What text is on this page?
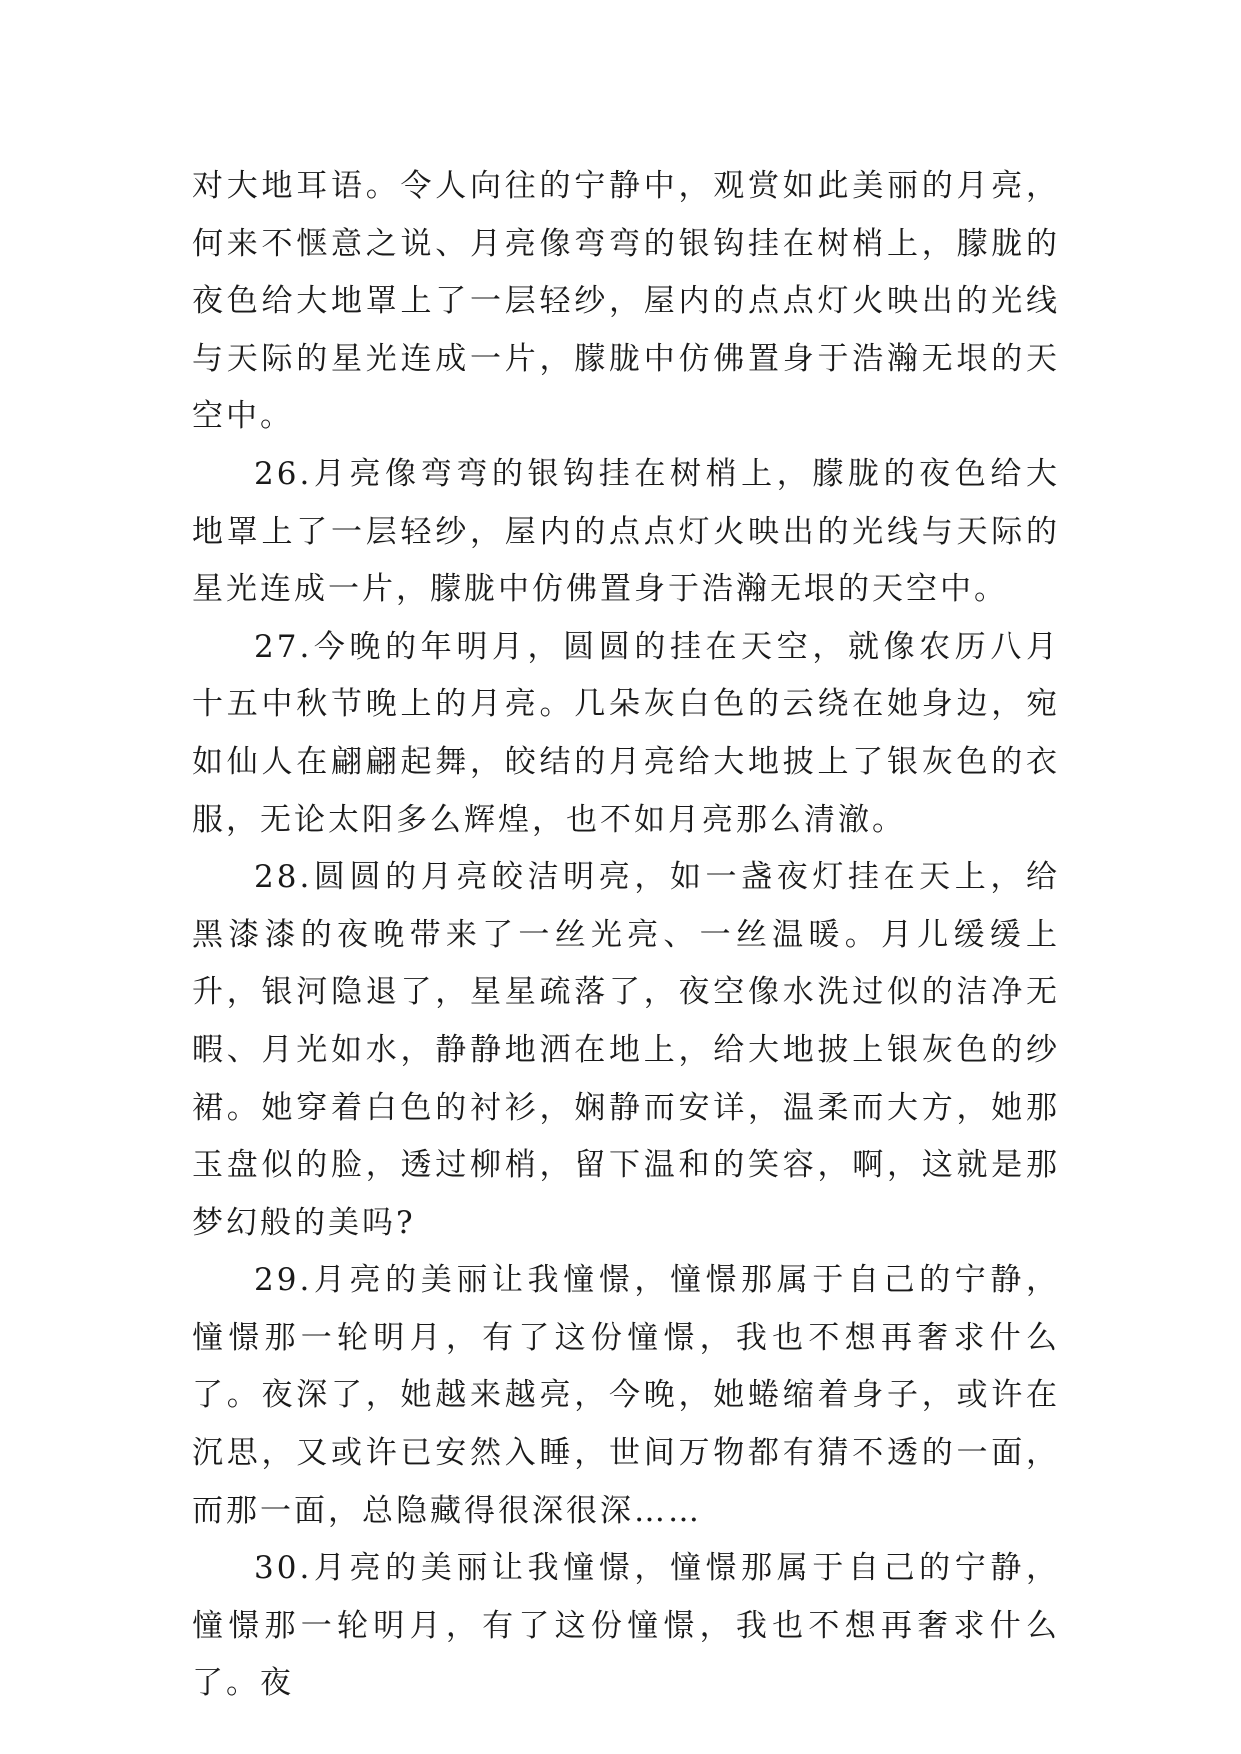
对大地耳语。令人向往的宁静中，观赏如此美丽的月亮，何来不惬意之说、月亮像弯弯的银钩挂在树梢上，朦胧的夜色给大地罩上了一层轻纱，屋内的点点灯火映出的光线与天际的星光连成一片，朦胧中仿佛置身于浩瀚无垠的天空中。

26.月亮像弯弯的银钩挂在树梢上，朦胧的夜色给大地罩上了一层轻纱，屋内的点点灯火映出的光线与天际的星光连成一片，朦胧中仿佛置身于浩瀚无垠的天空中。

27.今晚的年明月，圆圆的挂在天空，就像农历八月十五中秋节晚上的月亮。几朵灰白色的云绕在她身边，宛如仙人在翩翩起舞，皎结的月亮给大地披上了银灰色的衣服，无论太阳多么辉煌，也不如月亮那么清澈。

28.圆圆的月亮皎洁明亮，如一盏夜灯挂在天上，给黑漆漆的夜晚带来了一丝光亮、一丝温暖。月儿缓缓上升，银河隐退了，星星疏落了，夜空像水洗过似的洁净无暇、月光如水，静静地洒在地上，给大地披上银灰色的纱裙。她穿着白色的衬衫，娴静而安详，温柔而大方，她那玉盘似的脸，透过柳梢，留下温和的笑容，啊，这就是那梦幻般的美吗?

29.月亮的美丽让我憧憬，憧憬那属于自己的宁静，憧憬那一轮明月，有了这份憧憬，我也不想再奢求什么了。夜深了，她越来越亮，今晚，她蜷缩着身子，或许在沉思，又或许已安然入睡，世间万物都有猜不透的一面，而那一面，总隐藏得很深很深……

30.月亮的美丽让我憧憬，憧憬那属于自己的宁静，憧憬那一轮明月，有了这份憧憬，我也不想再奢求什么了。夜
